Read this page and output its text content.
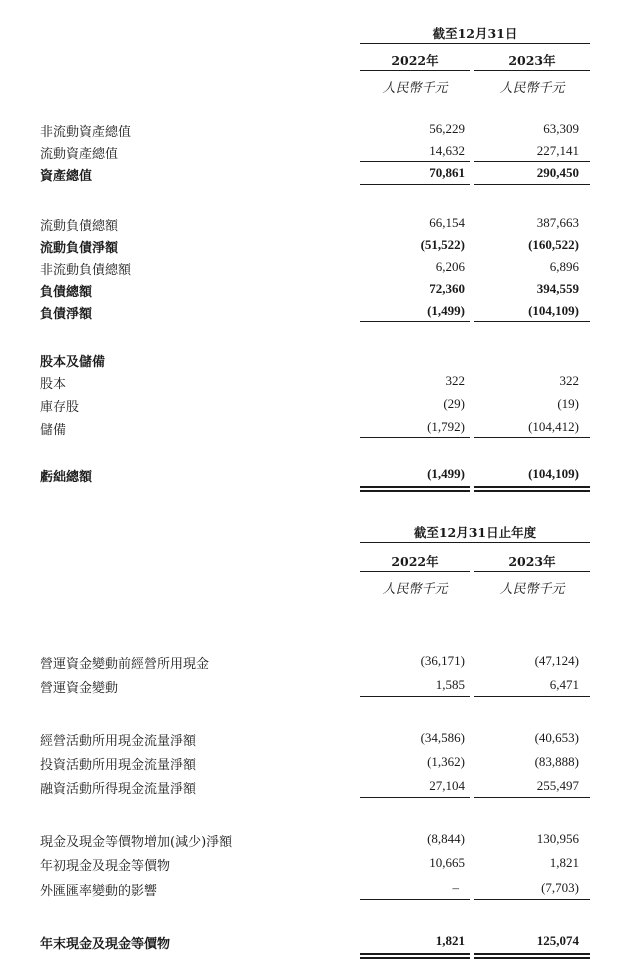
截至12月31日
2022年	2023年
人民幣千元	人民幣千元
非流動資產總值	56,229	63,309
流動資產總值	14,632	227,141
資產總值	70,861	290,450
流動負債總額	66,154	387,663
流動負債淨額	(51,522)	(160,522)
非流動負債總額	6,206	6,896
負債總額	72,360	394,559
負債淨額	(1,499)	(104,109)
股本及儲備
股本	322	322
庫存股	(29)	(19)
儲備	(1,792)	(104,412)
虧絀總額	(1,499)	(104,109)
截至12月31日止年度
2022年	2023年
人民幣千元	人民幣千元
營運資金變動前經營所用現金	(36,171)	(47,124)
營運資金變動	1,585	6,471
經營活動所用現金流量淨額	(34,586)	(40,653)
投資活動所用現金流量淨額	(1,362)	(83,888)
融資活動所得現金流量淨額	27,104	255,497
現金及現金等價物增加(減少)淨額	(8,844)	130,956
年初現金及現金等價物	10,665	1,821
外匯匯率變動的影響	–	(7,703)
年末現金及現金等價物	1,821	125,074
